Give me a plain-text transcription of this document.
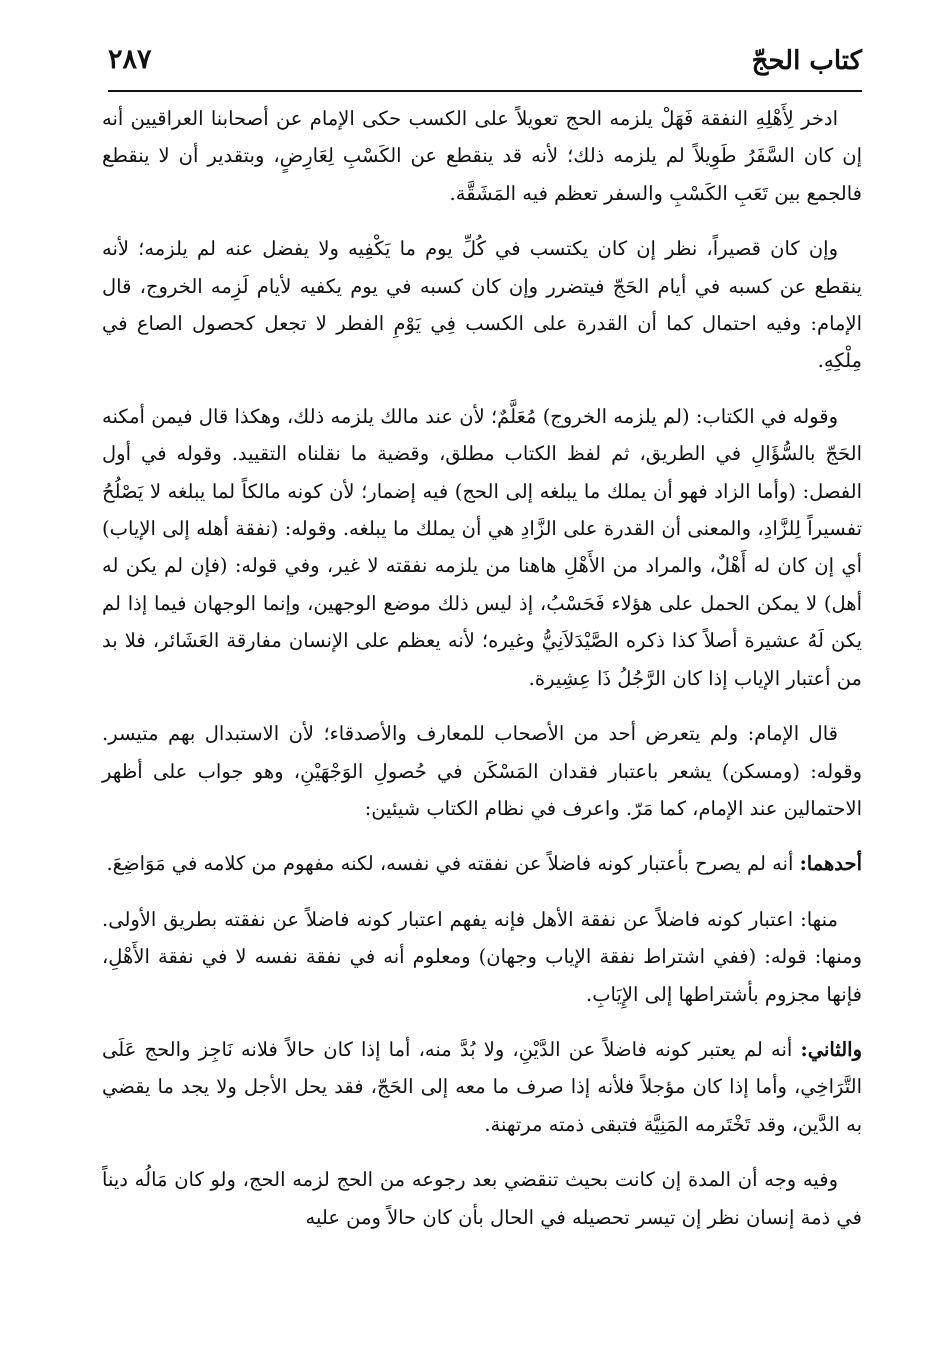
كتاب الحجّ
٢٨٧

ادخر لِأَهْلِهِ النفقة فَهَلْ يلزمه الحج تعويلاً على الكسب حكى الإمام عن أصحابنا العراقيين أنه إن كان السَّفَرُ طَوِيلاً لم يلزمه ذلك؛ لأنه قد ينقطع عن الكَسْبِ لِعَارِضٍ، وبتقدير أن لا ينقطع فالجمع بين تَعَبِ الكَسْبِ والسفر تعظم فيه المَشَقَّة.

وإن كان قصيراً، نظر إن كان يكتسب في كُلِّ يوم ما يَكْفِيه ولا يفضل عنه لم يلزمه؛ لأنه ينقطع عن كسبه في أيام الحَجّ فيتضرر وإن كان كسبه في يوم يكفيه لأيام لَزِمه الخروج، قال الإمام: وفيه احتمال كما أن القدرة على الكسب فِي يَوْمِ الفطر لا تجعل كحصول الصاع في مِلْكِهِ.

وقوله في الكتاب: (لم يلزمه الخروج) مُعَلَّمٌ؛ لأن عند مالك يلزمه ذلك، وهكذا قال فيمن أمكنه الحَجّ بالسُّؤَالِ في الطريق، ثم لفظ الكتاب مطلق، وقضية ما نقلناه التقييد. وقوله في أول الفصل: (وأما الزاد فهو أن يملك ما يبلغه إلى الحج) فيه إضمار؛ لأن كونه مالكاً لما يبلغه لا يَصْلُحُ تفسيراً لِلزَّادِ، والمعنى أن القدرة على الزَّادِ هي أن يملك ما يبلغه. وقوله: (نفقة أهله إلى الإياب) أي إن كان له أَهْلٌ، والمراد من الأَهْلِ هاهنا من يلزمه نفقته لا غير، وفي قوله: (فإن لم يكن له أهل) لا يمكن الحمل على هؤلاء فَحَسْبُ، إذ ليس ذلك موضع الوجهين، وإنما الوجهان فيما إذا لم يكن لَهُ عشيرة أصلاً كذا ذكره الصَّيْدَلاَنِيُّ وغيره؛ لأنه يعظم على الإنسان مفارقة العَشَائر، فلا بد من أعتبار الإياب إذا كان الرَّجُلُ ذَا عِشِيرة.

قال الإمام: ولم يتعرض أحد من الأصحاب للمعارف والأصدقاء؛ لأن الاستبدال بهم متيسر. وقوله: (ومسكن) يشعر باعتبار فقدان المَسْكَن في حُصولِ الوَجْهَيْنِ، وهو جواب على أظهر الاحتمالين عند الإمام، كما مَرّ. واعرف في نظام الكتاب شيئين:

أحدهما: أنه لم يصرح بأعتبار كونه فاضلاً عن نفقته في نفسه، لكنه مفهوم من كلامه في مَوَاضِعَ.

منها: اعتبار كونه فاضلاً عن نفقة الأهل فإنه يفهم اعتبار كونه فاضلاً عن نفقته بطريق الأولى. ومنها: قوله: (ففي اشتراط نفقة الإياب وجهان) ومعلوم أنه في نفقة نفسه لا في نفقة الأَهْلِ، فإنها مجزوم بأشتراطها إلى الإِيَابِ.

والثاني: أنه لم يعتبر كونه فاضلاً عن الدَّيْنِ، ولا بُدَّ منه، أما إذا كان حالاً فلانه نَاجِز والحج عَلَى التَّرَاخِي، وأما إذا كان مؤجلاً فلأنه إذا صرف ما معه إلى الحَجّ، فقد يحل الأجل ولا يجد ما يقضي به الدَّين، وقد تَخْتَرمه المَنِيَّة فتبقى ذمته مرتهنة.

وفيه وجه أن المدة إن كانت بحيث تنقضي بعد رجوعه من الحج لزمه الحج، ولو كان مَالُه ديناً في ذمة إنسان نظر إن تيسر تحصيله في الحال بأن كان حالاً ومن عليه
